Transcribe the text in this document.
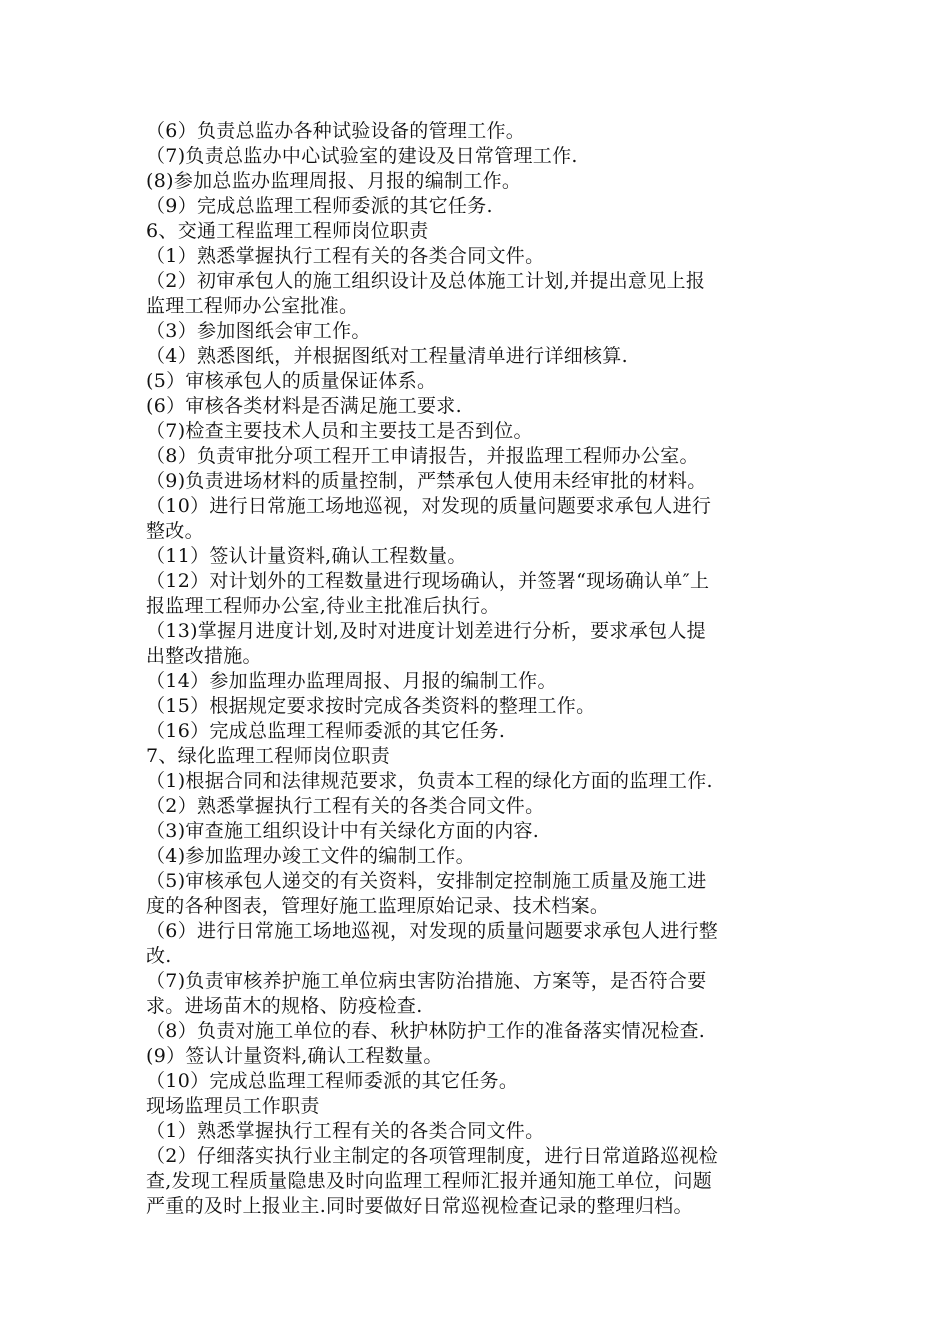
（6）负责总监办各种试验设备的管理工作。
（7)负责总监办中心试验室的建设及日常管理工作.
(8)参加总监办监理周报、月报的编制工作。
（9）完成总监理工程师委派的其它任务.
6、交通工程监理工程师岗位职责
（1）熟悉掌握执行工程有关的各类合同文件。
（2）初审承包人的施工组织设计及总体施工计划,并提出意见上报
监理工程师办公室批准。
（3）参加图纸会审工作。
（4）熟悉图纸，并根据图纸对工程量清单进行详细核算.
(5）审核承包人的质量保证体系。
(6）审核各类材料是否满足施工要求.
（7)检查主要技术人员和主要技工是否到位。
（8）负责审批分项工程开工申请报告，并报监理工程师办公室。
（9)负责进场材料的质量控制，严禁承包人使用未经审批的材料。
（10）进行日常施工场地巡视，对发现的质量问题要求承包人进行
整改。
（11）签认计量资料,确认工程数量。
（12）对计划外的工程数量进行现场确认，并签署“现场确认单″上
报监理工程师办公室,待业主批准后执行。
（13)掌握月进度计划,及时对进度计划差进行分析，要求承包人提
出整改措施。
（14）参加监理办监理周报、月报的编制工作。
（15）根据规定要求按时完成各类资料的整理工作。
（16）完成总监理工程师委派的其它任务.
7、绿化监理工程师岗位职责
（1)根据合同和法律规范要求，负责本工程的绿化方面的监理工作.
（2）熟悉掌握执行工程有关的各类合同文件。
（3)审查施工组织设计中有关绿化方面的内容.
（4)参加监理办竣工文件的编制工作。
（5)审核承包人递交的有关资料，安排制定控制施工质量及施工进
度的各种图表，管理好施工监理原始记录、技术档案。
（6）进行日常施工场地巡视，对发现的质量问题要求承包人进行整
改.
（7)负责审核养护施工单位病虫害防治措施、方案等，是否符合要
求。进场苗木的规格、防疫检查.
（8）负责对施工单位的春、秋护林防护工作的准备落实情况检查.
(9）签认计量资料,确认工程数量。
（10）完成总监理工程师委派的其它任务。
现场监理员工作职责
（1）熟悉掌握执行工程有关的各类合同文件。
（2）仔细落实执行业主制定的各项管理制度，进行日常道路巡视检
查,发现工程质量隐患及时向监理工程师汇报并通知施工单位，问题
严重的及时上报业主.同时要做好日常巡视检查记录的整理归档。
